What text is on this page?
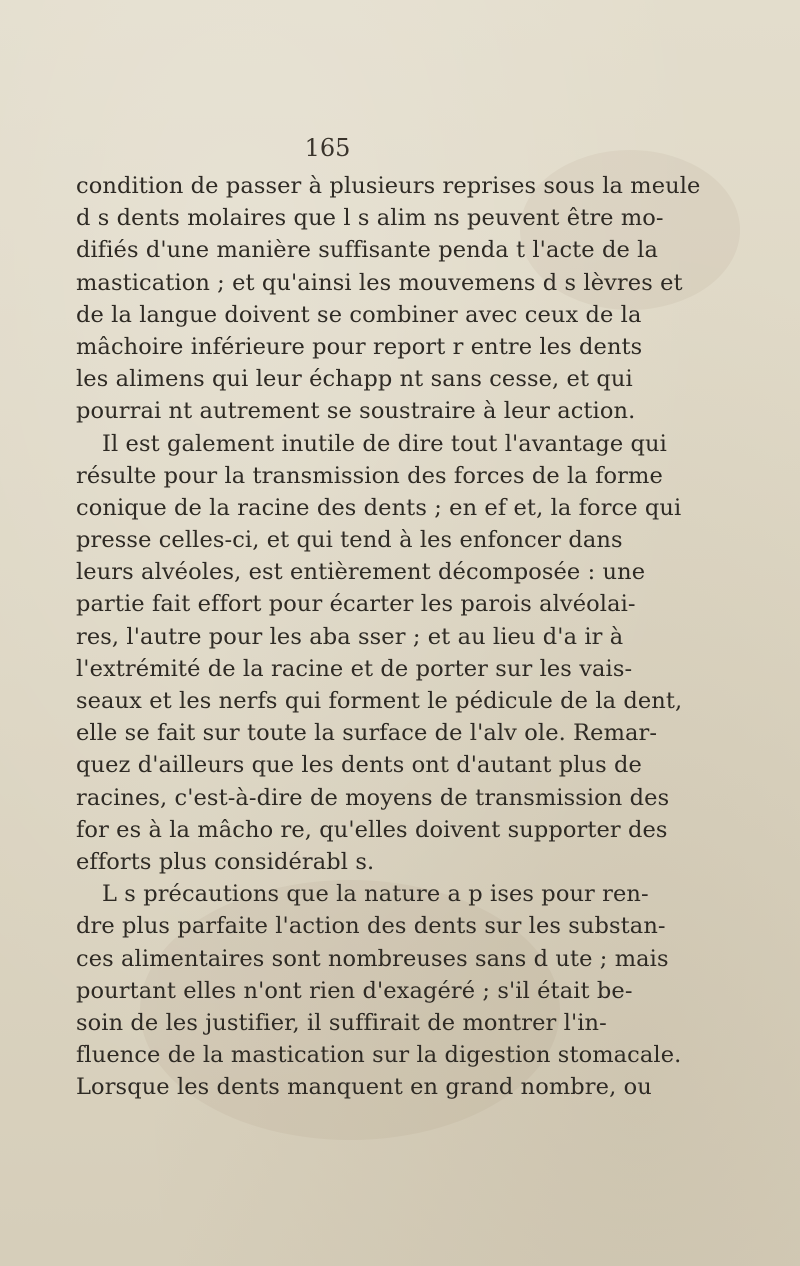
165
condition de passer à plusieurs reprises sous la meule
d s dents molaires que l s alim ns peuvent être mo-
difiés d'une manière suffisante penda t l'acte de la
mastication ; et qu'ainsi les mouvemens d s lèvres et
de la langue doivent se combiner avec ceux de la
mâchoire inférieure pour report r entre les dents
les alimens qui leur échapp nt sans cesse, et qui
pourrai nt autrement se soustraire à leur action.
Il est galement inutile de dire tout l'avantage qui
résulte pour la transmission des forces de la forme
conique de la racine des dents ; en ef et, la force qui
presse celles-ci, et qui tend à les enfoncer dans
leurs alvéoles, est entièrement décomposée : une
partie fait effort pour écarter les parois alvéolai-
res, l'autre pour les aba sser ; et au lieu d'a ir à
l'extrémité de la racine et de porter sur les vais-
seaux et les nerfs qui forment le pédicule de la dent,
elle se fait sur toute la surface de l'alv ole. Remar-
quez d'ailleurs que les dents ont d'autant plus de
racines, c'est-à-dire de moyens de transmission des
for es à la mâcho re, qu'elles doivent supporter des
efforts plus considérabl s.
L s précautions que la nature a p ises pour ren-
dre plus parfaite l'action des dents sur les substan-
ces alimentaires sont nombreuses sans d ute ; mais
pourtant elles n'ont rien d'exagéré ; s'il était be-
soin de les justifier, il suffirait de montrer l'in-
fluence de la mastication sur la digestion stomacale.
Lorsque les dents manquent en grand nombre, ou
